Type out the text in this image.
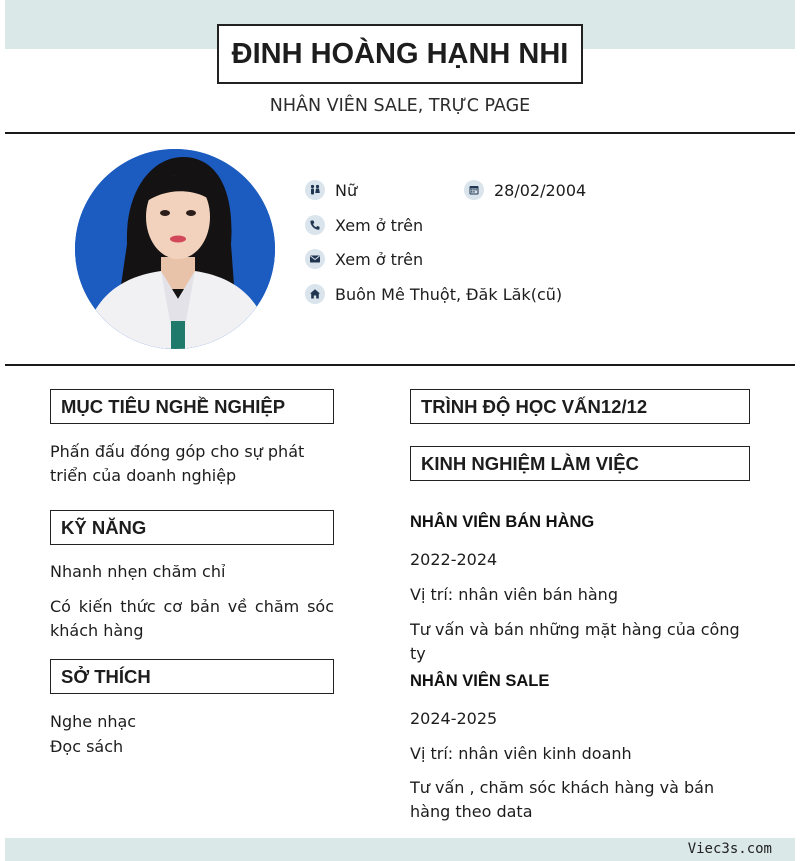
ĐINH HOÀNG HẠNH NHI
NHÂN VIÊN SALE, TRỰC PAGE
Nữ	28/02/2004
Xem ở trên
Xem ở trên
Buôn Mê Thuột, Đăk Lăk(cũ)
MỤC TIÊU NGHỀ NGHIỆP
Phấn đấu đóng góp cho sự phát triển của doanh nghiệp
KỸ NĂNG
Nhanh nhẹn chăm chỉ
Có kiến thức cơ bản về chăm sóc khách hàng
SỞ THÍCH
Nghe nhạc
Đọc sách
TRÌNH ĐỘ HỌC VẤN12/12
KINH NGHIỆM LÀM VIỆC
NHÂN VIÊN BÁN HÀNG
2022-2024
Vị trí: nhân viên bán hàng
Tư vấn và bán những mặt hàng của công ty
NHÂN VIÊN SALE
2024-2025
Vị trí: nhân viên kinh doanh
Tư vấn , chăm sóc khách hàng và bán hàng theo data
Viec3s.com
